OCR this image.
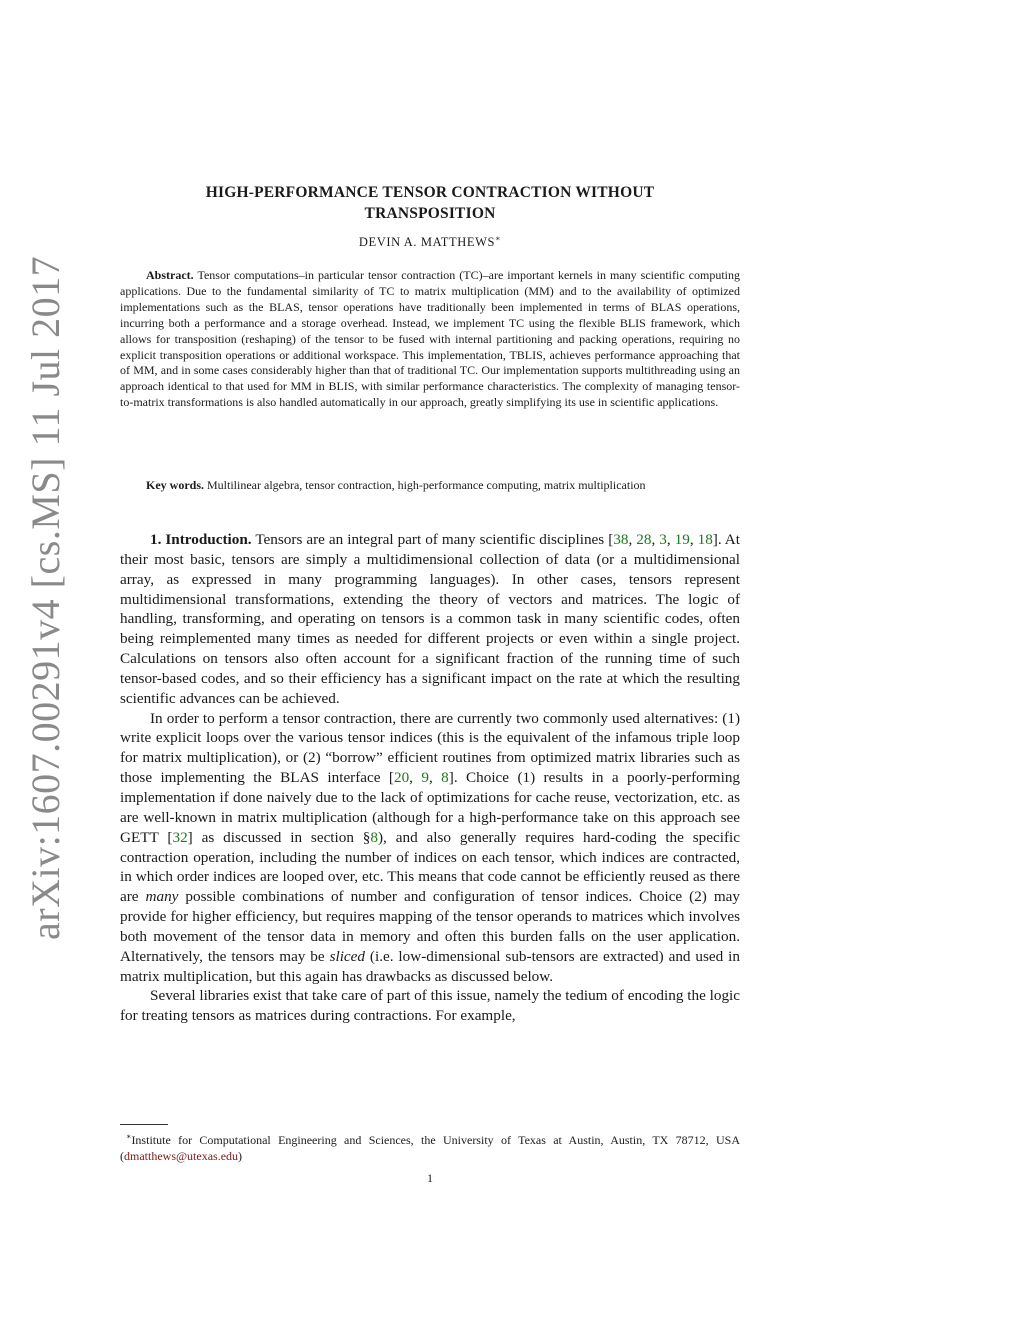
arXiv:1607.00291v4 [cs.MS] 11 Jul 2017
HIGH-PERFORMANCE TENSOR CONTRACTION WITHOUT
TRANSPOSITION
DEVIN A. MATTHEWS∗
Abstract. Tensor computations–in particular tensor contraction (TC)–are important kernels in many scientific computing applications. Due to the fundamental similarity of TC to matrix multiplication (MM) and to the availability of optimized implementations such as the BLAS, tensor operations have traditionally been implemented in terms of BLAS operations, incurring both a performance and a storage overhead. Instead, we implement TC using the flexible BLIS framework, which allows for transposition (reshaping) of the tensor to be fused with internal partitioning and packing operations, requiring no explicit transposition operations or additional workspace. This implementation, TBLIS, achieves performance approaching that of MM, and in some cases considerably higher than that of traditional TC. Our implementation supports multithreading using an approach identical to that used for MM in BLIS, with similar performance characteristics. The complexity of managing tensor-to-matrix transformations is also handled automatically in our approach, greatly simplifying its use in scientific applications.
Key words. Multilinear algebra, tensor contraction, high-performance computing, matrix multiplication

1. Introduction. Tensors are an integral part of many scientific disciplines [38, 28, 3, 19, 18]. At their most basic, tensors are simply a multidimensional collection of data (or a multidimensional array, as expressed in many programming languages). In other cases, tensors represent multidimensional transformations, extending the theory of vectors and matrices. The logic of handling, transforming, and operating on tensors is a common task in many scientific codes, often being reimplemented many times as needed for different projects or even within a single project. Calculations on tensors also often account for a significant fraction of the running time of such tensor-based codes, and so their efficiency has a significant impact on the rate at which the resulting scientific advances can be achieved.

In order to perform a tensor contraction, there are currently two commonly used alternatives: (1) write explicit loops over the various tensor indices (this is the equivalent of the infamous triple loop for matrix multiplication), or (2) “borrow” efficient routines from optimized matrix libraries such as those implementing the BLAS interface [20, 9, 8]. Choice (1) results in a poorly-performing implementation if done naively due to the lack of optimizations for cache reuse, vectorization, etc. as are well-known in matrix multiplication (although for a high-performance take on this approach see GETT [32] as discussed in section §8), and also generally requires hard-coding the specific contraction operation, including the number of indices on each tensor, which indices are contracted, in which order indices are looped over, etc. This means that code cannot be efficiently reused as there are many possible combinations of number and configuration of tensor indices. Choice (2) may provide for higher efficiency, but requires mapping of the tensor operands to matrices which involves both movement of the tensor data in memory and often this burden falls on the user application. Alternatively, the tensors may be sliced (i.e. low-dimensional sub-tensors are extracted) and used in matrix multiplication, but this again has drawbacks as discussed below.

Several libraries exist that take care of part of this issue, namely the tedium of encoding the logic for treating tensors as matrices during contractions. For example,

∗Institute for Computational Engineering and Sciences, the University of Texas at Austin, Austin, TX 78712, USA (dmatthews@utexas.edu)
1
